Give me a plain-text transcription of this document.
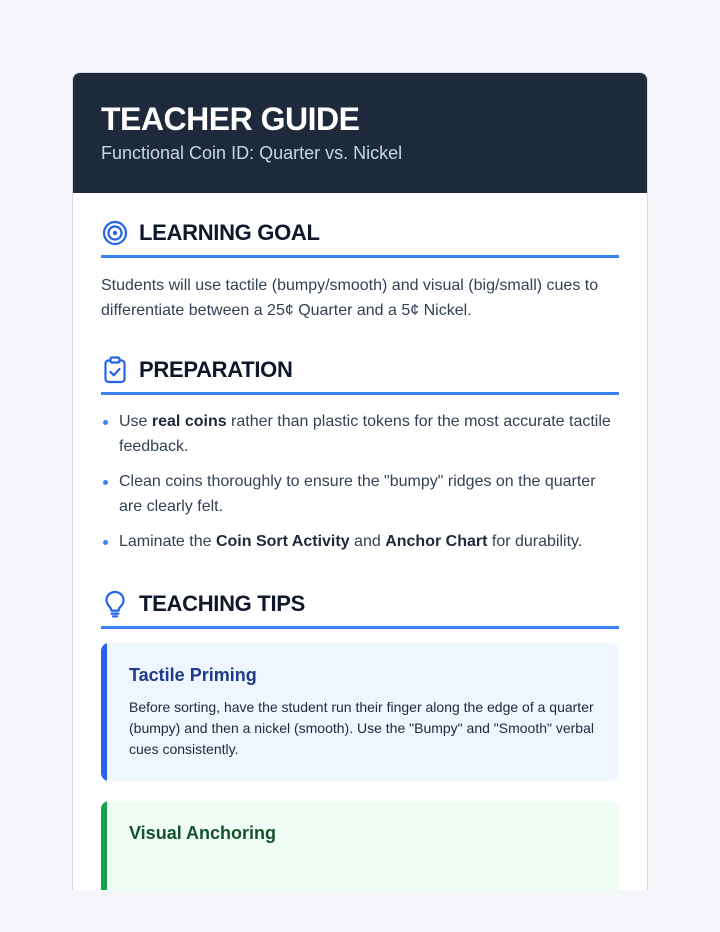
TEACHER GUIDE
Functional Coin ID: Quarter vs. Nickel
LEARNING GOAL
Students will use tactile (bumpy/smooth) and visual (big/small) cues to differentiate between a 25¢ Quarter and a 5¢ Nickel.
PREPARATION
Use real coins rather than plastic tokens for the most accurate tactile feedback.
Clean coins thoroughly to ensure the "bumpy" ridges on the quarter are clearly felt.
Laminate the Coin Sort Activity and Anchor Chart for durability.
TEACHING TIPS
Tactile Priming
Before sorting, have the student run their finger along the edge of a quarter (bumpy) and then a nickel (smooth). Use the "Bumpy" and "Smooth" verbal cues consistently.
Visual Anchoring
